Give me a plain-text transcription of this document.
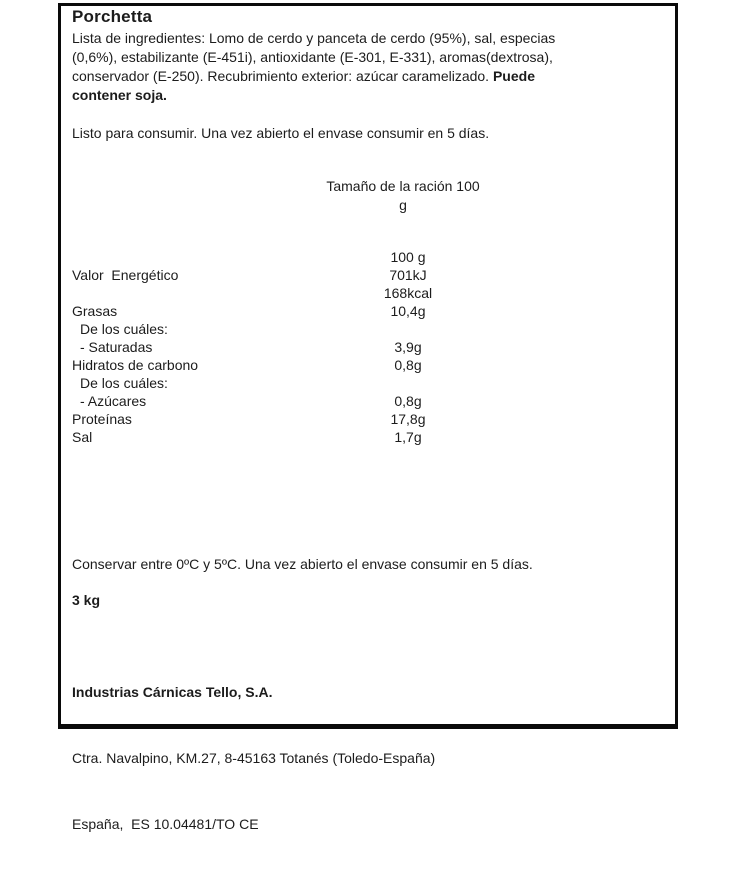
Porchetta
Lista de ingredientes: Lomo de cerdo y panceta de cerdo (95%), sal, especias
(0,6%), estabilizante (E-451i), antioxidante (E-301, E-331), aromas(dextrosa),
conservador (E-250). Recubrimiento exterior: azúcar caramelizado. Puede
contener soja.
Listo para consumir. Una vez abierto el envase consumir en 5 días.
Tamaño de la ración 100
g
100 g
Valor  Energético	701kJ
168kcal
Grasas	10,4g
De los cuáles:
- Saturadas	3,9g
Hidratos de carbono	0,8g
De los cuáles:
- Azúcares	0,8g
Proteínas	17,8g
Sal	1,7g
Conservar entre 0ºC y 5ºC. Una vez abierto el envase consumir en 5 días.
3 kg

Industrias Cárnicas Tello, S.A.

Ctra. Navalpino, KM.27, 8-45163 Totanés (Toledo-España)

España,  ES 10.04481/TO CE
